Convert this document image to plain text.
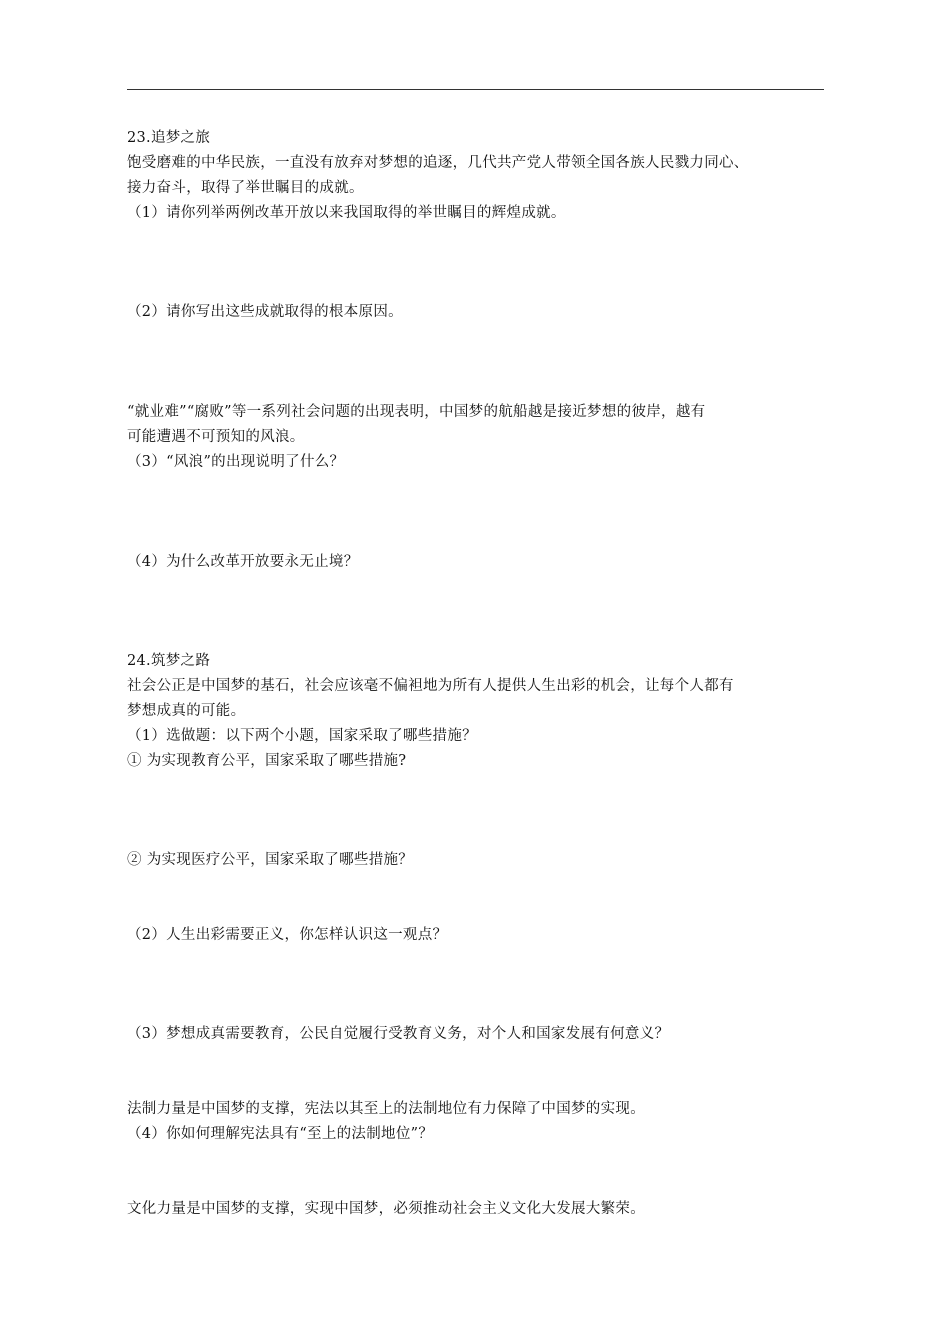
23.追梦之旅
饱受磨难的中华民族，一直没有放弃对梦想的追逐，几代共产党人带领全国各族人民戮力同心、
接力奋斗，取得了举世瞩目的成就。
（1）请你列举两例改革开放以来我国取得的举世瞩目的辉煌成就。
（2）请你写出这些成就取得的根本原因。
“就业难”“腐败”等一系列社会问题的出现表明，中国梦的航船越是接近梦想的彼岸，越有
可能遭遇不可预知的风浪。
（3）“风浪”的出现说明了什么？
（4）为什么改革开放要永无止境？
24.筑梦之路
社会公正是中国梦的基石，社会应该毫不偏袒地为所有人提供人生出彩的机会，让每个人都有
梦想成真的可能。
（1）选做题：以下两个小题，国家采取了哪些措施？
① 为实现教育公平，国家采取了哪些措施?
② 为实现医疗公平，国家采取了哪些措施？
（2）人生出彩需要正义，你怎样认识这一观点？
（3）梦想成真需要教育，公民自觉履行受教育义务，对个人和国家发展有何意义？
法制力量是中国梦的支撑，宪法以其至上的法制地位有力保障了中国梦的实现。
（4）你如何理解宪法具有“至上的法制地位”？
文化力量是中国梦的支撑，实现中国梦，必须推动社会主义文化大发展大繁荣。
